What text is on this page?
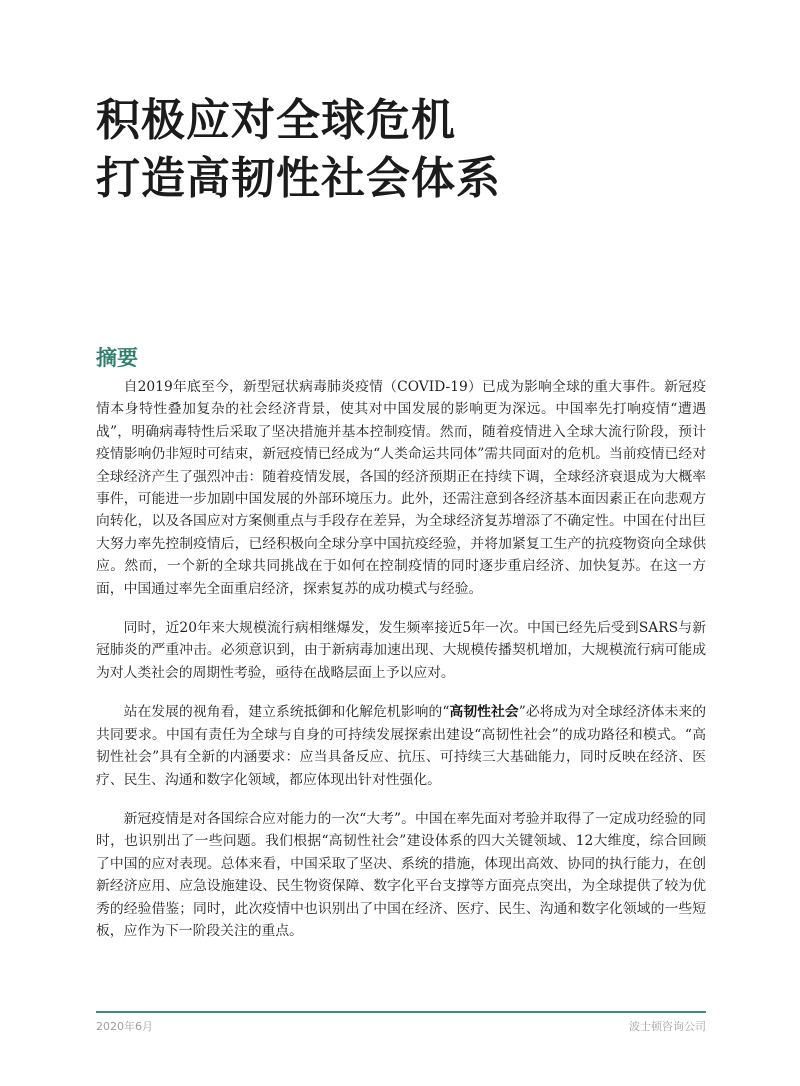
积极应对全球危机
打造高韧性社会体系
摘要

自2019年底至今，新型冠状病毒肺炎疫情（COVID-19）已成为影响全球的重大事件。新冠疫情本身特性叠加复杂的社会经济背景，使其对中国发展的影响更为深远。中国率先打响疫情“遭遇战”，明确病毒特性后采取了坚决措施并基本控制疫情。然而，随着疫情进入全球大流行阶段，预计疫情影响仍非短时可结束，新冠疫情已经成为“人类命运共同体”需共同面对的危机。当前疫情已经对全球经济产生了强烈冲击：随着疫情发展，各国的经济预期正在持续下调，全球经济衰退成为大概率事件，可能进一步加剧中国发展的外部环境压力。此外，还需注意到各经济基本面因素正在向悲观方向转化，以及各国应对方案侧重点与手段存在差异，为全球经济复苏增添了不确定性。中国在付出巨大努力率先控制疫情后，已经积极向全球分享中国抗疫经验，并将加紧复工生产的抗疫物资向全球供应。然而，一个新的全球共同挑战在于如何在控制疫情的同时逐步重启经济、加快复苏。在这一方面，中国通过率先全面重启经济，探索复苏的成功模式与经验。

同时，近20年来大规模流行病相继爆发，发生频率接近5年一次。中国已经先后受到SARS与新冠肺炎的严重冲击。必须意识到，由于新病毒加速出现、大规模传播契机增加，大规模流行病可能成为对人类社会的周期性考验，亟待在战略层面上予以应对。

站在发展的视角看，建立系统抵御和化解危机影响的“高韧性社会”必将成为对全球经济体未来的共同要求。中国有责任为全球与自身的可持续发展探索出建设“高韧性社会”的成功路径和模式。“高韧性社会”具有全新的内涵要求：应当具备反应、抗压、可持续三大基础能力，同时反映在经济、医疗、民生、沟通和数字化领域，都应体现出针对性强化。

新冠疫情是对各国综合应对能力的一次“大考”。中国在率先面对考验并取得了一定成功经验的同时，也识别出了一些问题。我们根据“高韧性社会”建设体系的四大关键领域、12大维度，综合回顾了中国的应对表现。总体来看，中国采取了坚决、系统的措施，体现出高效、协同的执行能力，在创新经济应用、应急设施建设、民生物资保障、数字化平台支撑等方面亮点突出，为全球提供了较为优秀的经验借鉴；同时，此次疫情中也识别出了中国在经济、医疗、民生、沟通和数字化领域的一些短板，应作为下一阶段关注的重点。

2020年6月	波士顿咨询公司
